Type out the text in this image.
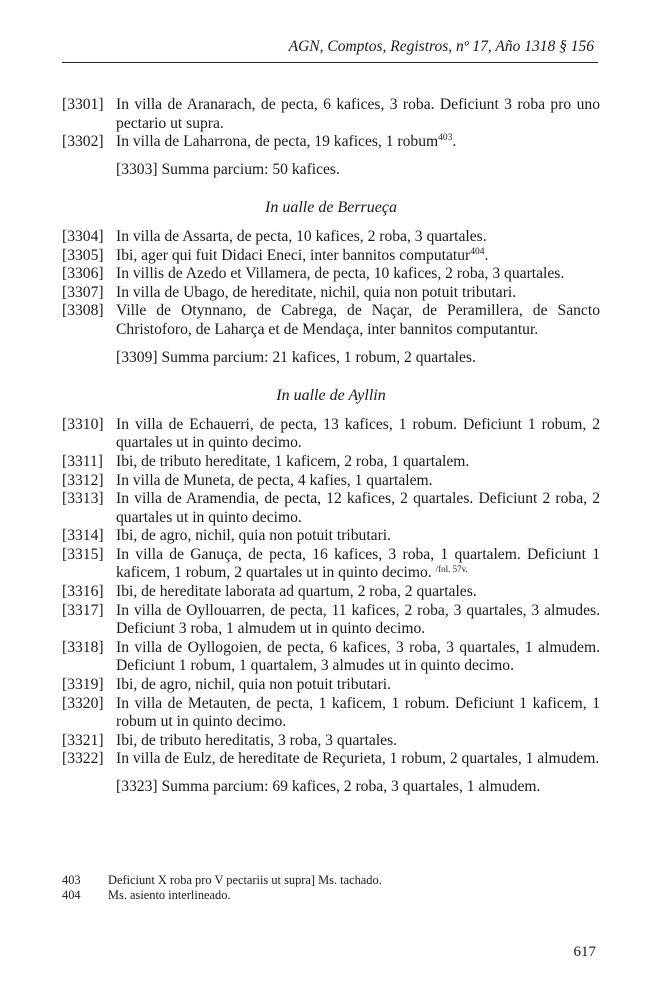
AGN, Comptos, Registros, nº 17, Año 1318 § 156
[3301] In villa de Aranarach, de pecta, 6 kafices, 3 roba. Deficiunt 3 roba pro uno pectario ut supra.
[3302] In villa de Laharrona, de pecta, 19 kafices, 1 robum$^{403}$.
[3303] Summa parcium: 50 kafices.
In ualle de Berrueça
[3304] In villa de Assarta, de pecta, 10 kafices, 2 roba, 3 quartales.
[3305] Ibi, ager qui fuit Didaci Eneci, inter bannitos computatur$^{404}$.
[3306] In villis de Azedo et Villamera, de pecta, 10 kafices, 2 roba, 3 quartales.
[3307] In villa de Ubago, de hereditate, nichil, quia non potuit tributari.
[3308] Ville de Otynnano, de Cabrega, de Naçar, de Peramillera, de Sancto Christoforo, de Laharça et de Mendaça, inter bannitos computantur.
[3309] Summa parcium: 21 kafices, 1 robum, 2 quartales.
In ualle de Ayllin
[3310] In villa de Echauerri, de pecta, 13 kafices, 1 robum. Deficiunt 1 robum, 2 quartales ut in quinto decimo.
[3311] Ibi, de tributo hereditate, 1 kaficem, 2 roba, 1 quartalem.
[3312] In villa de Muneta, de pecta, 4 kafies, 1 quartalem.
[3313] In villa de Aramendia, de pecta, 12 kafices, 2 quartales. Deficiunt 2 roba, 2 quartales ut in quinto decimo.
[3314] Ibi, de agro, nichil, quia non potuit tributari.
[3315] In villa de Ganuça, de pecta, 16 kafices, 3 roba, 1 quartalem. Deficiunt 1 kaficem, 1 robum, 2 quartales ut in quinto decimo. $^{/fol. 57v.}$
[3316] Ibi, de hereditate laborata ad quartum, 2 roba, 2 quartales.
[3317] In villa de Oyllouarren, de pecta, 11 kafices, 2 roba, 3 quartales, 3 almudes. Deficiunt 3 roba, 1 almudem ut in quinto decimo.
[3318] In villa de Oyllogoien, de pecta, 6 kafices, 3 roba, 3 quartales, 1 almudem. Deficiunt 1 robum, 1 quartalem, 3 almudes ut in quinto decimo.
[3319] Ibi, de agro, nichil, quia non potuit tributari.
[3320] In villa de Metauten, de pecta, 1 kaficem, 1 robum. Deficiunt 1 kaficem, 1 robum ut in quinto decimo.
[3321] Ibi, de tributo hereditatis, 3 roba, 3 quartales.
[3322] In villa de Eulz, de hereditate de Reçurieta, 1 robum, 2 quartales, 1 almudem.
[3323] Summa parcium: 69 kafices, 2 roba, 3 quartales, 1 almudem.
403	Deficiunt X roba pro V pectariis ut supra] Ms. tachado.
404	Ms. asiento interlineado.
617
